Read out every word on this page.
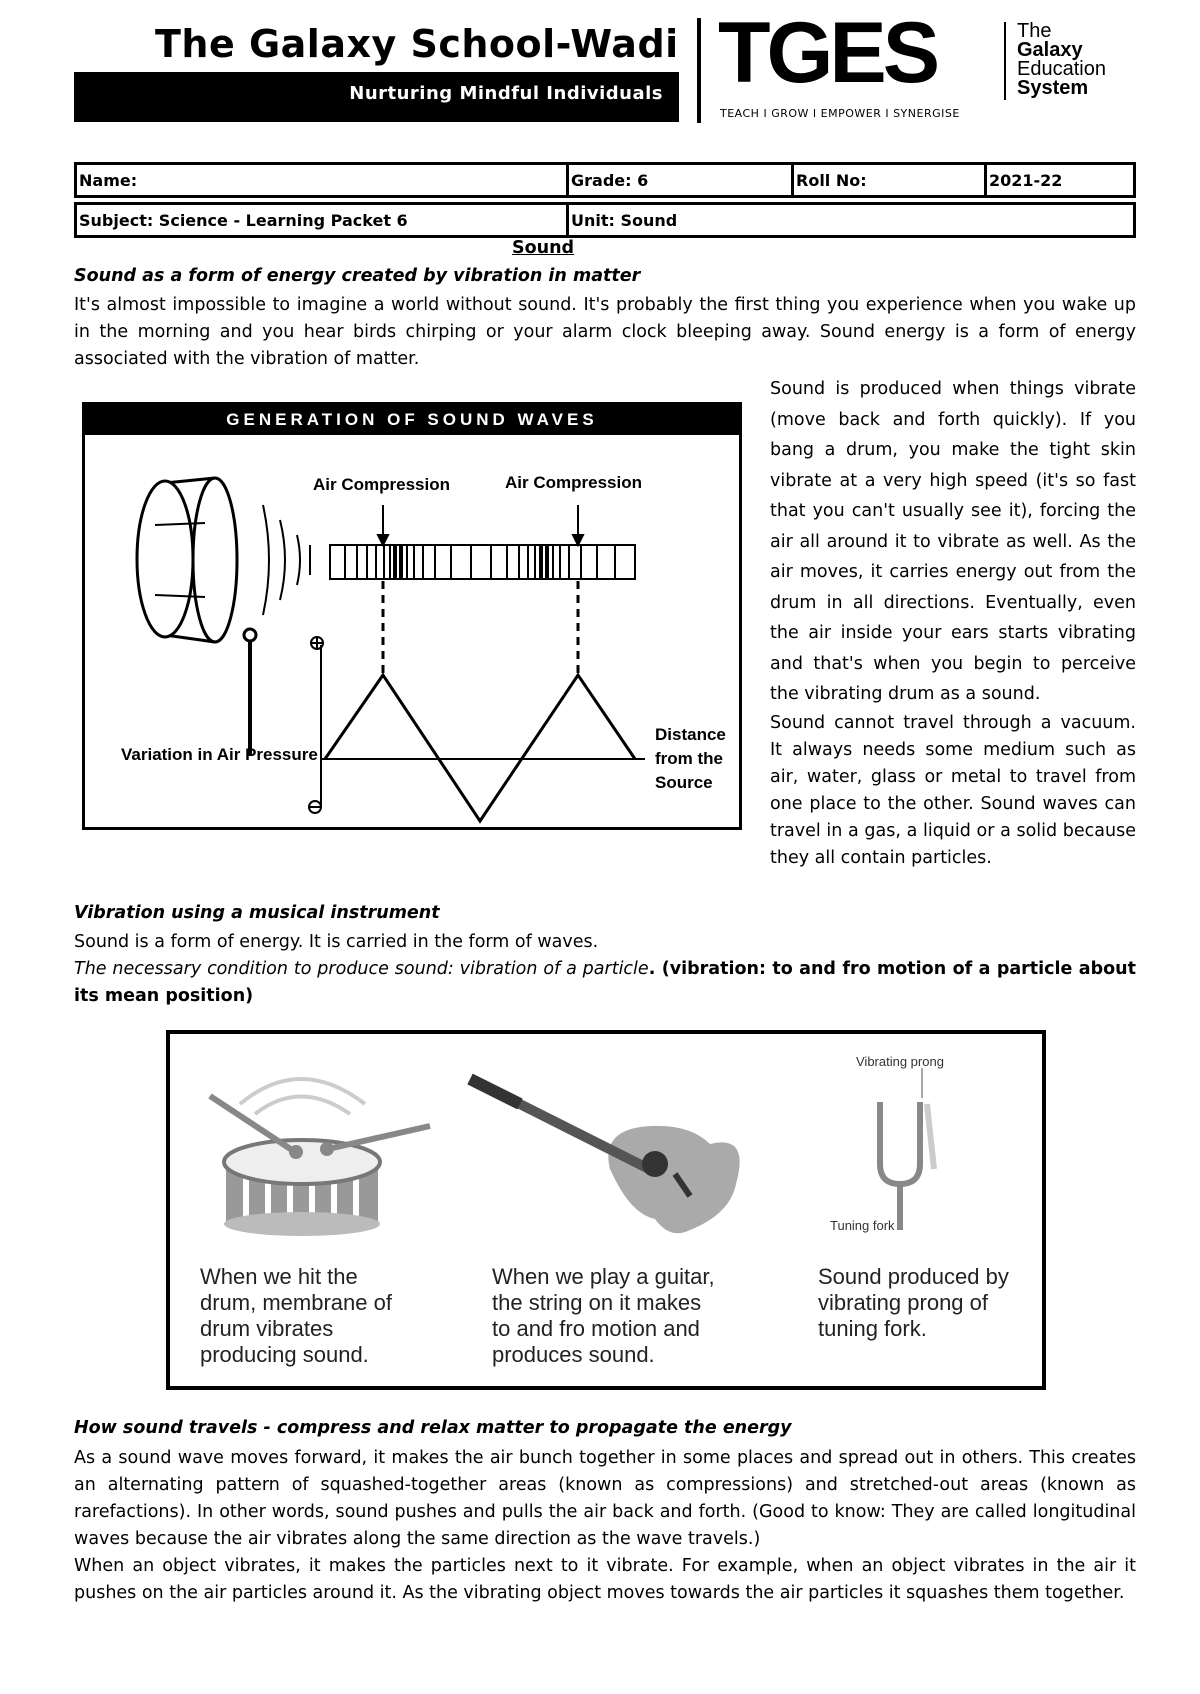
The Galaxy School-Wadi
Nurturing Mindful Individuals TGES
TEACH I GROW I EMPOWER I SYNERGISE
The
Galaxy
Education
System
Name:	Grade: 6	Roll No:	2021-22
Subject: Science - Learning Packet 6	Unit: Sound		
Sound
Sound as a form of energy created by vibration in matter
It's almost impossible to imagine a world without sound. It's probably the first thing you experience when you wake up in the morning and you hear birds chirping or your alarm clock bleeping away. Sound energy is a form of energy associated with the vibration of matter.
Sound is produced when things vibrate (move back and forth quickly). If you bang a drum, you make the tight skin vibrate at a very high speed (it's so fast that you can't usually see it), forcing the air all around it to vibrate as well. As the air moves, it carries energy out from the drum in all directions. Eventually, even the air inside your ears starts vibrating and that's when you begin to perceive the vibrating drum as a sound.
Sound cannot travel through a vacuum. It always needs some medium such as air, water, glass or metal to travel from one place to the other. Sound waves can travel in a gas, a liquid or a solid because they all contain particles.
GENERATION OF SOUND WAVES
Air Compression	Air Compression
Variation in Air Pressure
Distance
from the
Source
Vibration using a musical instrument
Sound is a form of energy. It is carried in the form of waves.
The necessary condition to produce sound: vibration of a particle. (vibration: to and fro motion of a particle about its mean position)
Vibrating prong
Tuning fork
When we hit the
drum, membrane of
drum vibrates
producing sound.
When we play a guitar,
the string on it makes
to and fro motion and
produces sound.
Sound produced by
vibrating prong of
tuning fork.
How sound travels - compress and relax matter to propagate the energy
As a sound wave moves forward, it makes the air bunch together in some places and spread out in others. This creates an alternating pattern of squashed-together areas (known as compressions) and stretched-out areas (known as rarefactions). In other words, sound pushes and pulls the air back and forth. (Good to know: They are called longitudinal waves because the air vibrates along the same direction as the wave travels.)
When an object vibrates, it makes the particles next to it vibrate. For example, when an object vibrates in the air it pushes on the air particles around it. As the vibrating object moves towards the air particles it squashes them together.
